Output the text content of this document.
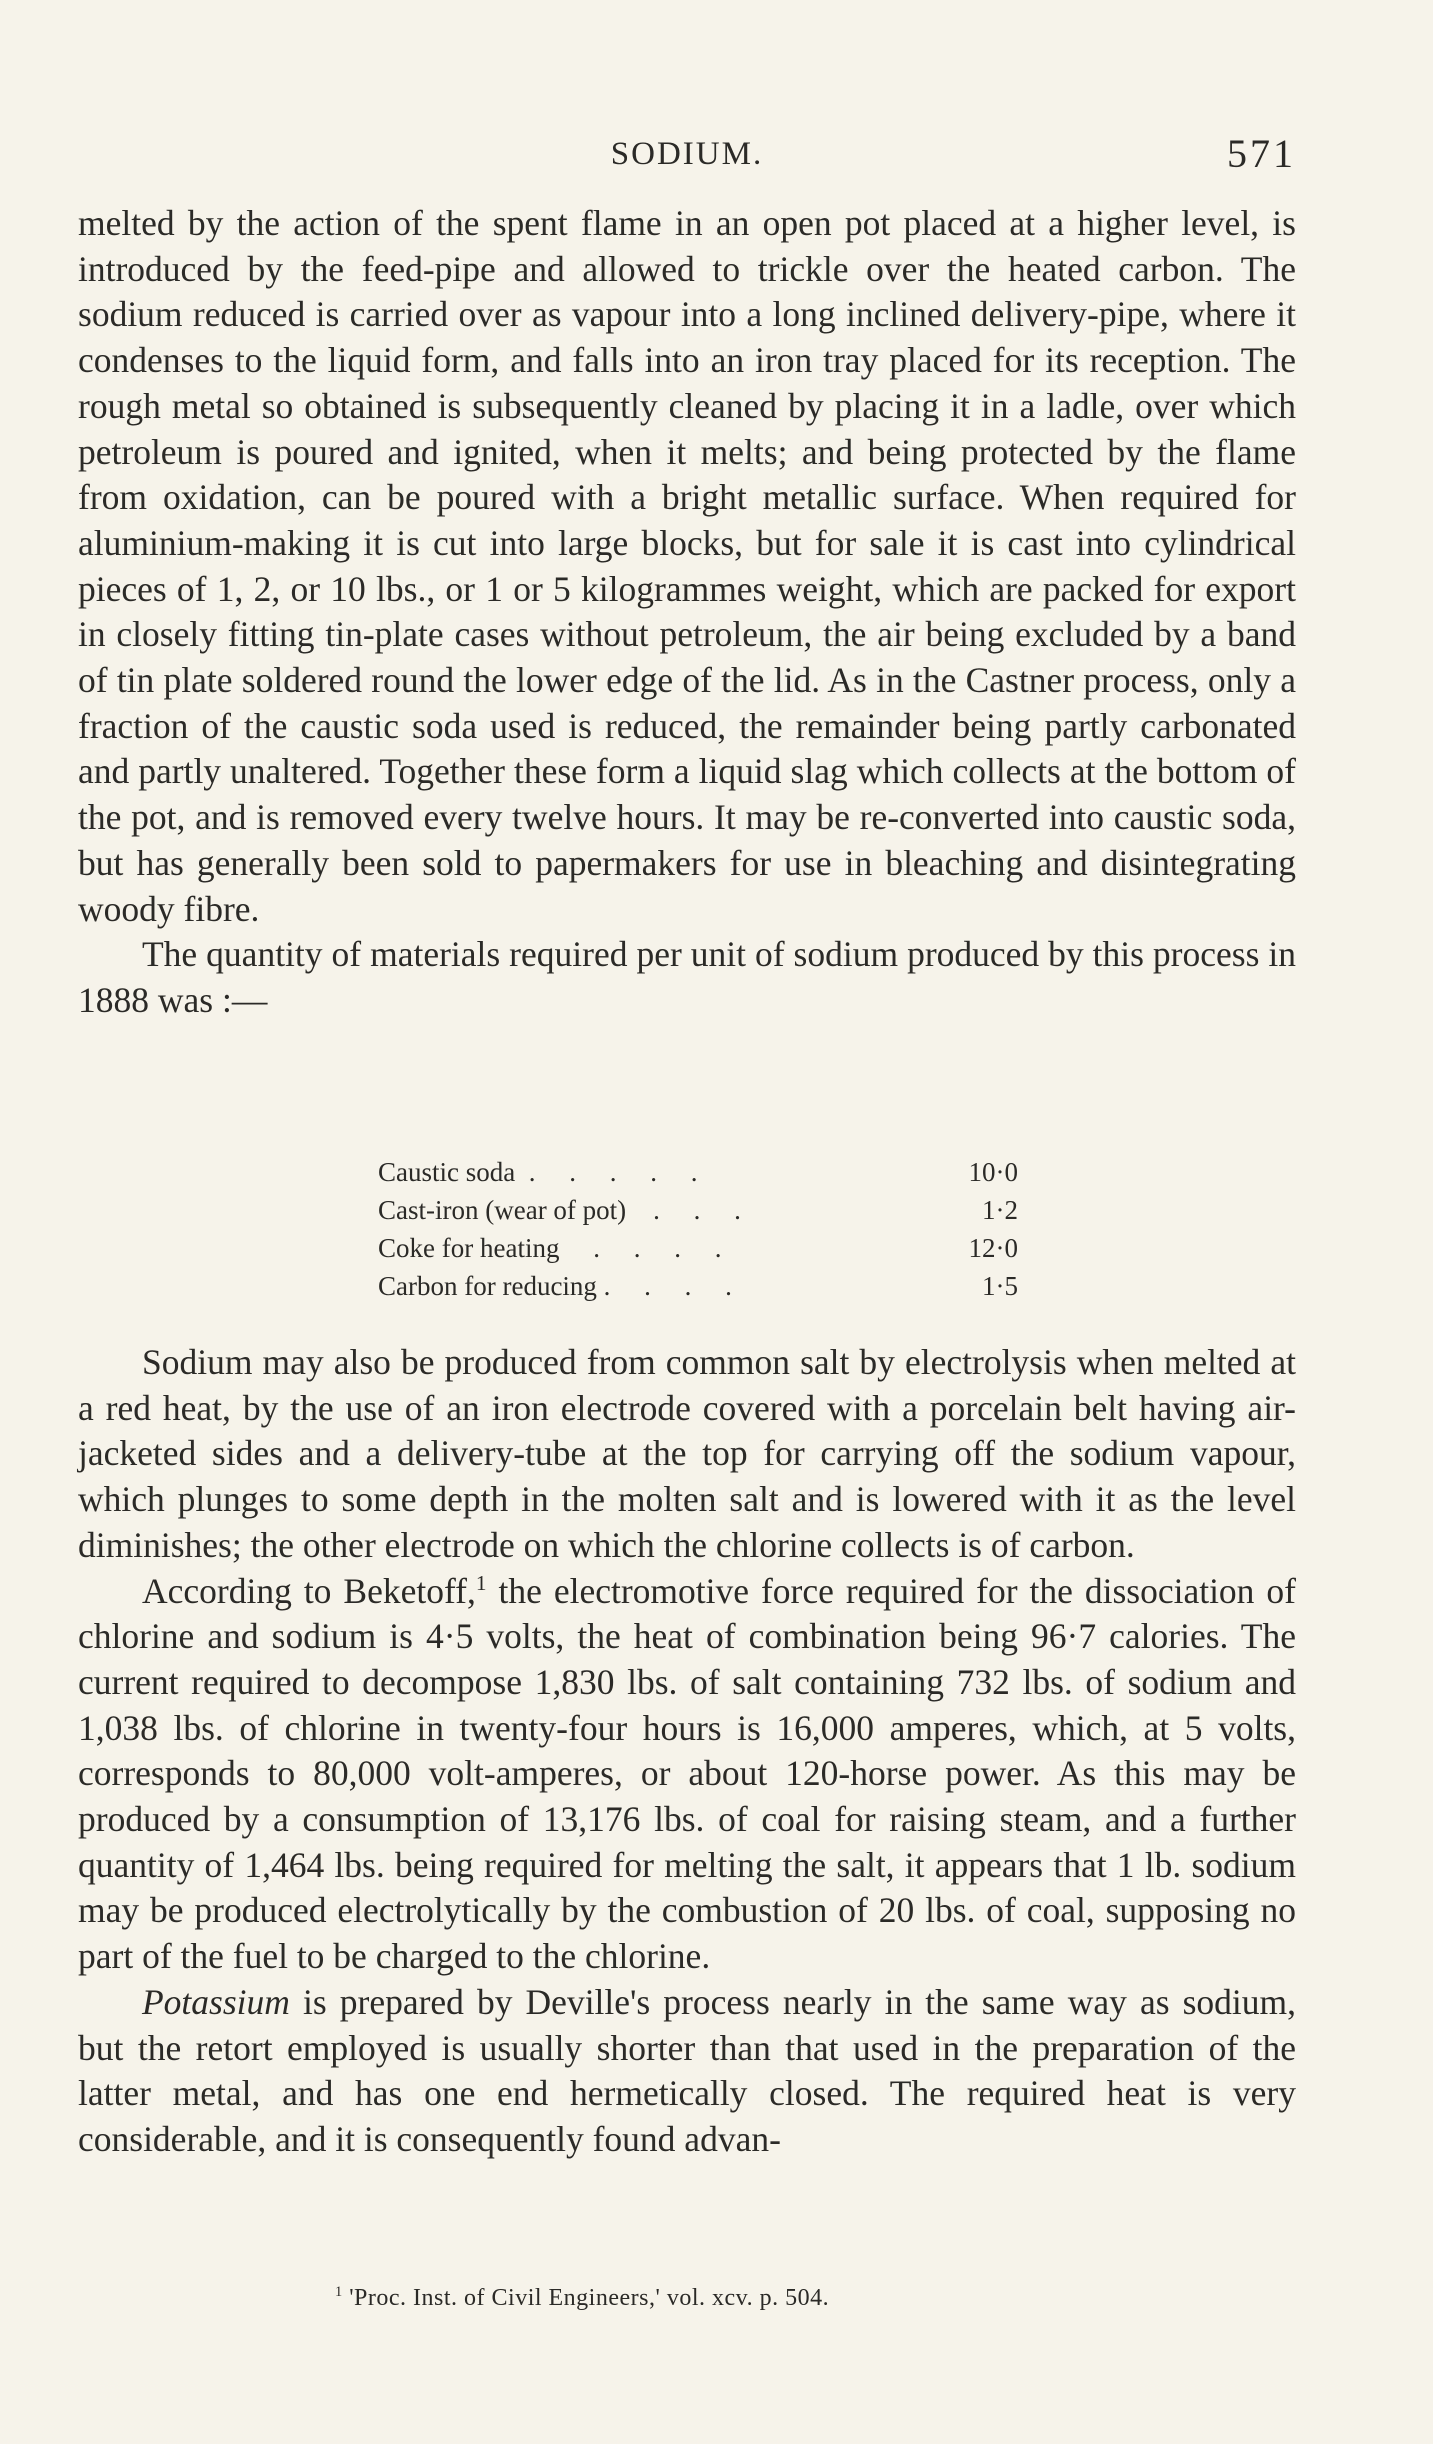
SODIUM.	571

melted by the action of the spent flame in an open pot placed at a higher level, is introduced by the feed-pipe and allowed to trickle over the heated carbon. The sodium reduced is carried over as vapour into a long inclined delivery-pipe, where it condenses to the liquid form, and falls into an iron tray placed for its reception. The rough metal so obtained is subsequently cleaned by placing it in a ladle, over which petroleum is poured and ignited, when it melts; and being protected by the flame from oxidation, can be poured with a bright metallic surface. When required for aluminium-making it is cut into large blocks, but for sale it is cast into cylindrical pieces of 1, 2, or 10 lbs., or 1 or 5 kilogrammes weight, which are packed for export in closely fitting tin-plate cases without petroleum, the air being excluded by a band of tin plate soldered round the lower edge of the lid. As in the Castner process, only a fraction of the caustic soda used is reduced, the remainder being partly carbonated and partly unaltered. Together these form a liquid slag which collects at the bottom of the pot, and is removed every twelve hours. It may be re-converted into caustic soda, but has generally been sold to papermakers for use in bleaching and disintegrating woody fibre.

The quantity of materials required per unit of sodium produced by this process in 1888 was :—

Caustic soda  .     .     .     .     .	10·0
Cast-iron (wear of pot)    .     .     .	1·2
Coke for heating     .     .     .     .	12·0
Carbon for reducing .     .     .     .	1·5

Sodium may also be produced from common salt by electrolysis when melted at a red heat, by the use of an iron electrode covered with a porcelain belt having air-jacketed sides and a delivery-tube at the top for carrying off the sodium vapour, which plunges to some depth in the molten salt and is lowered with it as the level diminishes; the other electrode on which the chlorine collects is of carbon.

According to Beketoff,$^1$ the electromotive force required for the dissociation of chlorine and sodium is 4·5 volts, the heat of combination being 96·7 calories. The current required to decompose 1,830 lbs. of salt containing 732 lbs. of sodium and 1,038 lbs. of chlorine in twenty-four hours is 16,000 amperes, which, at 5 volts, corresponds to 80,000 volt-amperes, or about 120-horse power. As this may be produced by a consumption of 13,176 lbs. of coal for raising steam, and a further quantity of 1,464 lbs. being required for melting the salt, it appears that 1 lb. sodium may be produced electrolytically by the combustion of 20 lbs. of coal, supposing no part of the fuel to be charged to the chlorine.

Potassium is prepared by Deville's process nearly in the same way as sodium, but the retort employed is usually shorter than that used in the preparation of the latter metal, and has one end hermetically closed. The required heat is very considerable, and it is consequently found advan-

$^1$ 'Proc. Inst. of Civil Engineers,' vol. xcv. p. 504.
